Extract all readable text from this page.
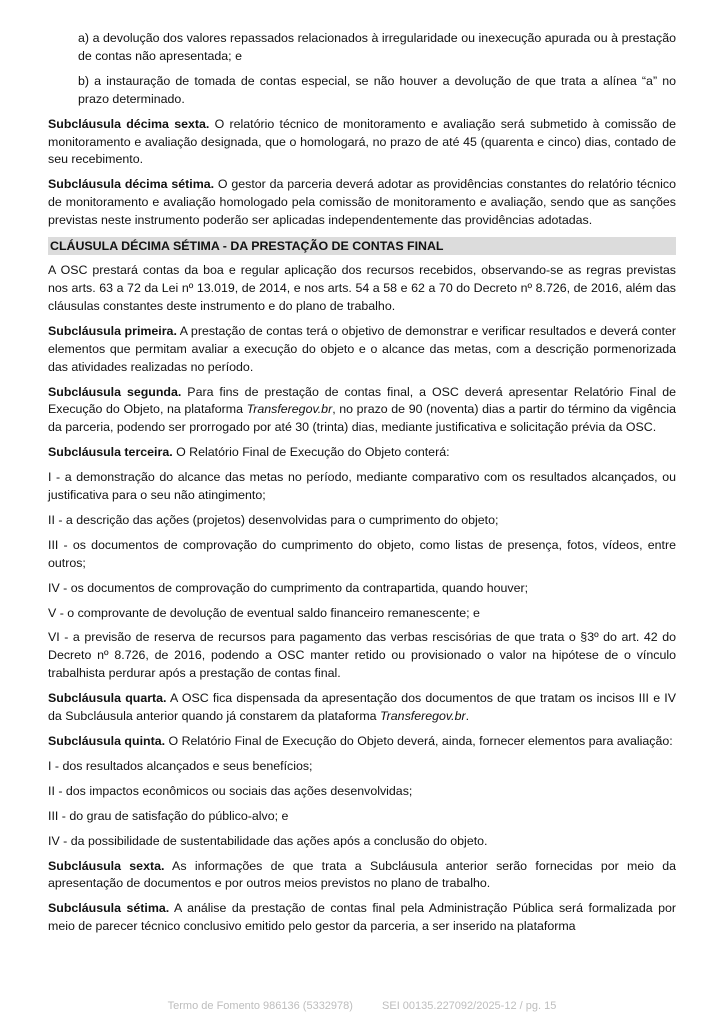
a) a devolução dos valores repassados relacionados à irregularidade ou inexecução apurada ou à prestação de contas não apresentada; e

b) a instauração de tomada de contas especial, se não houver a devolução de que trata a alínea “a” no prazo determinado.

Subcláusula décima sexta. O relatório técnico de monitoramento e avaliação será submetido à comissão de monitoramento e avaliação designada, que o homologará, no prazo de até 45 (quarenta e cinco) dias, contado de seu recebimento.

Subcláusula décima sétima. O gestor da parceria deverá adotar as providências constantes do relatório técnico de monitoramento e avaliação homologado pela comissão de monitoramento e avaliação, sendo que as sanções previstas neste instrumento poderão ser aplicadas independentemente das providências adotadas.

CLÁUSULA DÉCIMA SÉTIMA - DA PRESTAÇÃO DE CONTAS FINAL

A OSC prestará contas da boa e regular aplicação dos recursos recebidos, observando-se as regras previstas nos arts. 63 a 72 da Lei nº 13.019, de 2014, e nos arts. 54 a 58 e 62 a 70 do Decreto nº 8.726, de 2016, além das cláusulas constantes deste instrumento e do plano de trabalho.

Subcláusula primeira. A prestação de contas terá o objetivo de demonstrar e verificar resultados e deverá conter elementos que permitam avaliar a execução do objeto e o alcance das metas, com a descrição pormenorizada das atividades realizadas no período.

Subcláusula segunda. Para fins de prestação de contas final, a OSC deverá apresentar Relatório Final de Execução do Objeto, na plataforma Transferegov.br, no prazo de 90 (noventa) dias a partir do término da vigência da parceria, podendo ser prorrogado por até 30 (trinta) dias, mediante justificativa e solicitação prévia da OSC.

Subcláusula terceira. O Relatório Final de Execução do Objeto conterá:

I - a demonstração do alcance das metas no período, mediante comparativo com os resultados alcançados, ou justificativa para o seu não atingimento;

II - a descrição das ações (projetos) desenvolvidas para o cumprimento do objeto;

III - os documentos de comprovação do cumprimento do objeto, como listas de presença, fotos, vídeos, entre outros;

IV - os documentos de comprovação do cumprimento da contrapartida, quando houver;

V - o comprovante de devolução de eventual saldo financeiro remanescente; e

VI - a previsão de reserva de recursos para pagamento das verbas rescisórias de que trata o §3º do art. 42 do Decreto nº 8.726, de 2016, podendo a OSC manter retido ou provisionado o valor na hipótese de o vínculo trabalhista perdurar após a prestação de contas final.

Subcláusula quarta. A OSC fica dispensada da apresentação dos documentos de que tratam os incisos III e IV da Subcláusula anterior quando já constarem da plataforma Transferegov.br.

Subcláusula quinta. O Relatório Final de Execução do Objeto deverá, ainda, fornecer elementos para avaliação:

I - dos resultados alcançados e seus benefícios;

II - dos impactos econômicos ou sociais das ações desenvolvidas;

III - do grau de satisfação do público-alvo; e

IV - da possibilidade de sustentabilidade das ações após a conclusão do objeto.

Subcláusula sexta. As informações de que trata a Subcláusula anterior serão fornecidas por meio da apresentação de documentos e por outros meios previstos no plano de trabalho.

Subcláusula sétima. A análise da prestação de contas final pela Administração Pública será formalizada por meio de parecer técnico conclusivo emitido pelo gestor da parceria, a ser inserido na plataforma

Termo de Fomento 986136 (5332978)	SEI 00135.227092/2025-12 / pg. 15
